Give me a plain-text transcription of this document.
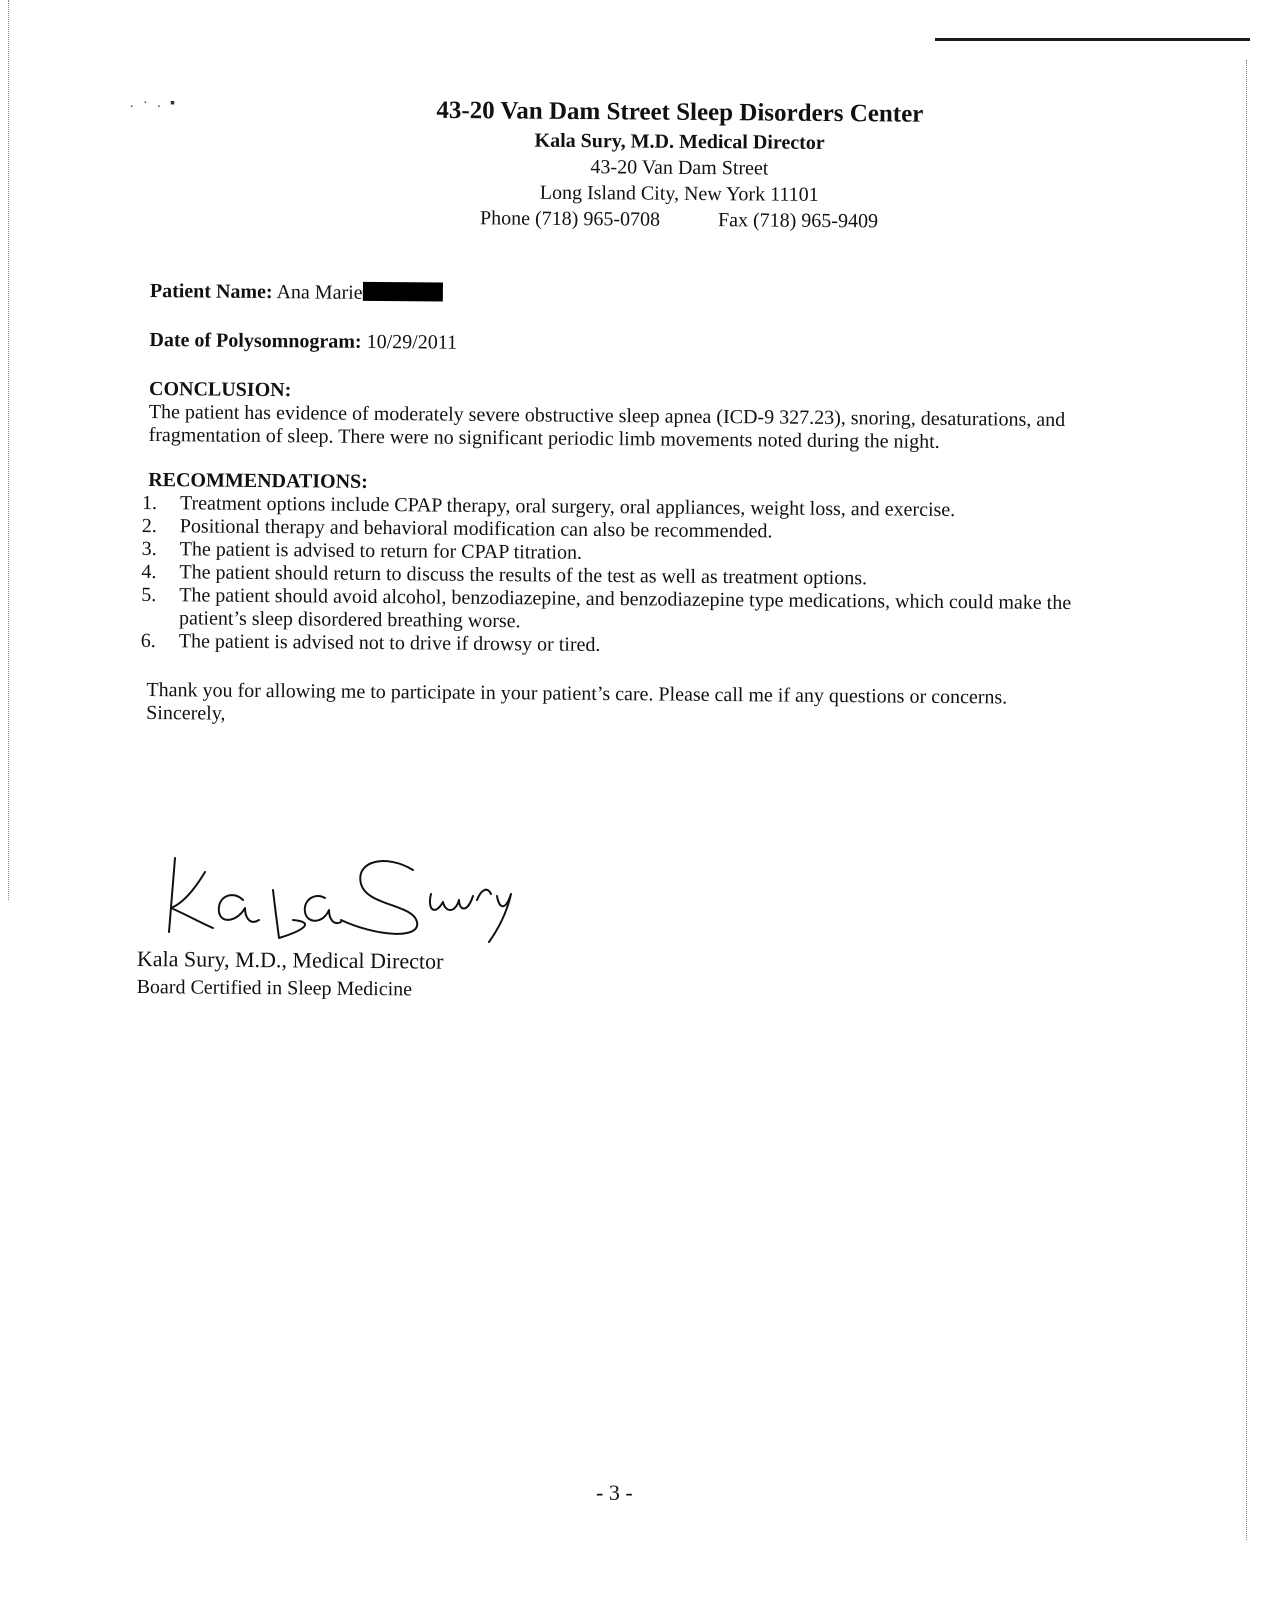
. · . ▪	43-20 Van Dam Street Sleep Disorders Center
Kala Sury, M.D. Medical Director
43-20 Van Dam Street
Long Island City, New York 11101
Phone (718) 965-0708	Fax (718) 965-9409

Patient Name: Ana Marie

Date of Polysomnogram: 10/29/2011

CONCLUSION:

The patient has evidence of moderately severe obstructive sleep apnea (ICD-9 327.23), snoring, desaturations, and fragmentation of sleep. There were no significant periodic limb movements noted during the night.

RECOMMENDATIONS:
1. Treatment options include CPAP therapy, oral surgery, oral appliances, weight loss, and exercise.
2. Positional therapy and behavioral modification can also be recommended.
3. The patient is advised to return for CPAP titration.
4. The patient should return to discuss the results of the test as well as treatment options.
5. The patient should avoid alcohol, benzodiazepine, and benzodiazepine type medications, which could make the patient’s sleep disordered breathing worse.
6. The patient is advised not to drive if drowsy or tired.

Thank you for allowing me to participate in your patient’s care. Please call me if any questions or concerns.

Sincerely,

Kala Sury, M.D., Medical Director
Board Certified in Sleep Medicine
- 3 -
